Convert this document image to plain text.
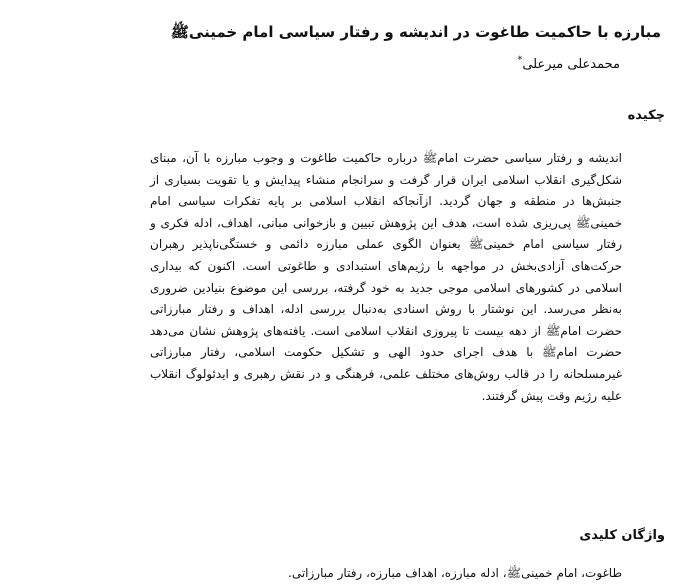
مبارزه با حاکمیت طاغوت در اندیشه و رفتار سیاسی امام خمینیﷺ
محمدعلی میرعلی*
چکیده

اندیشه و رفتار سیاسی حضرت امامﷺ درباره حاکمیت طاغوت و وجوب مبارزه با آن، مبنای شکل‌گیری انقلاب اسلامی ایران قرار گرفت و سرانجام منشاء پیدایش و یا تقویت بسیاری از جنبش‌ها در منطقه و جهان گردید. ازآنجاکه انقلاب اسلامی بر پایه تفکرات سیاسی امام خمینیﷺ پی‌ریزی شده است، هدف این پژوهش تبیین و بازخوانی مبانی، اهداف، ادله فکری و رفتار سیاسی امام خمینیﷺ بعنوان الگوی عملی مبارزه دائمی و خستگی‌ناپذیر رهبران حرکت‌های آزادی‌بخش در مواجهه با رژیم‌های استبدادی و طاغوتی است. اکنون که بیداری اسلامی در کشورهای اسلامی موجی جدید به خود گرفته، بررسی این موضوع بنیادین ضروری به‌نظر می‌رسد. این نوشتار با روش اسنادی به‌دنبال بررسی ادله، اهداف و رفتار مبارزاتی حضرت امامﷺ از دهه بیست تا پیروزی انقلاب اسلامی است. یافته‌های پژوهش نشان می‌دهد حضرت امامﷺ با هدف اجرای حدود الهی و تشکیل حکومت اسلامی، رفتار مبارزاتی غیرمسلحانه را در قالب روش‌های مختلف علمی، فرهنگی و در نقش رهبری و ایدئولوگ انقلاب علیه رژیم وقت پیش گرفتند.

واژگان کلیدی

طاغوت، امام خمینیﷺ، ادله مبارزه، اهداف مبارزه، رفتار مبارزاتی.
